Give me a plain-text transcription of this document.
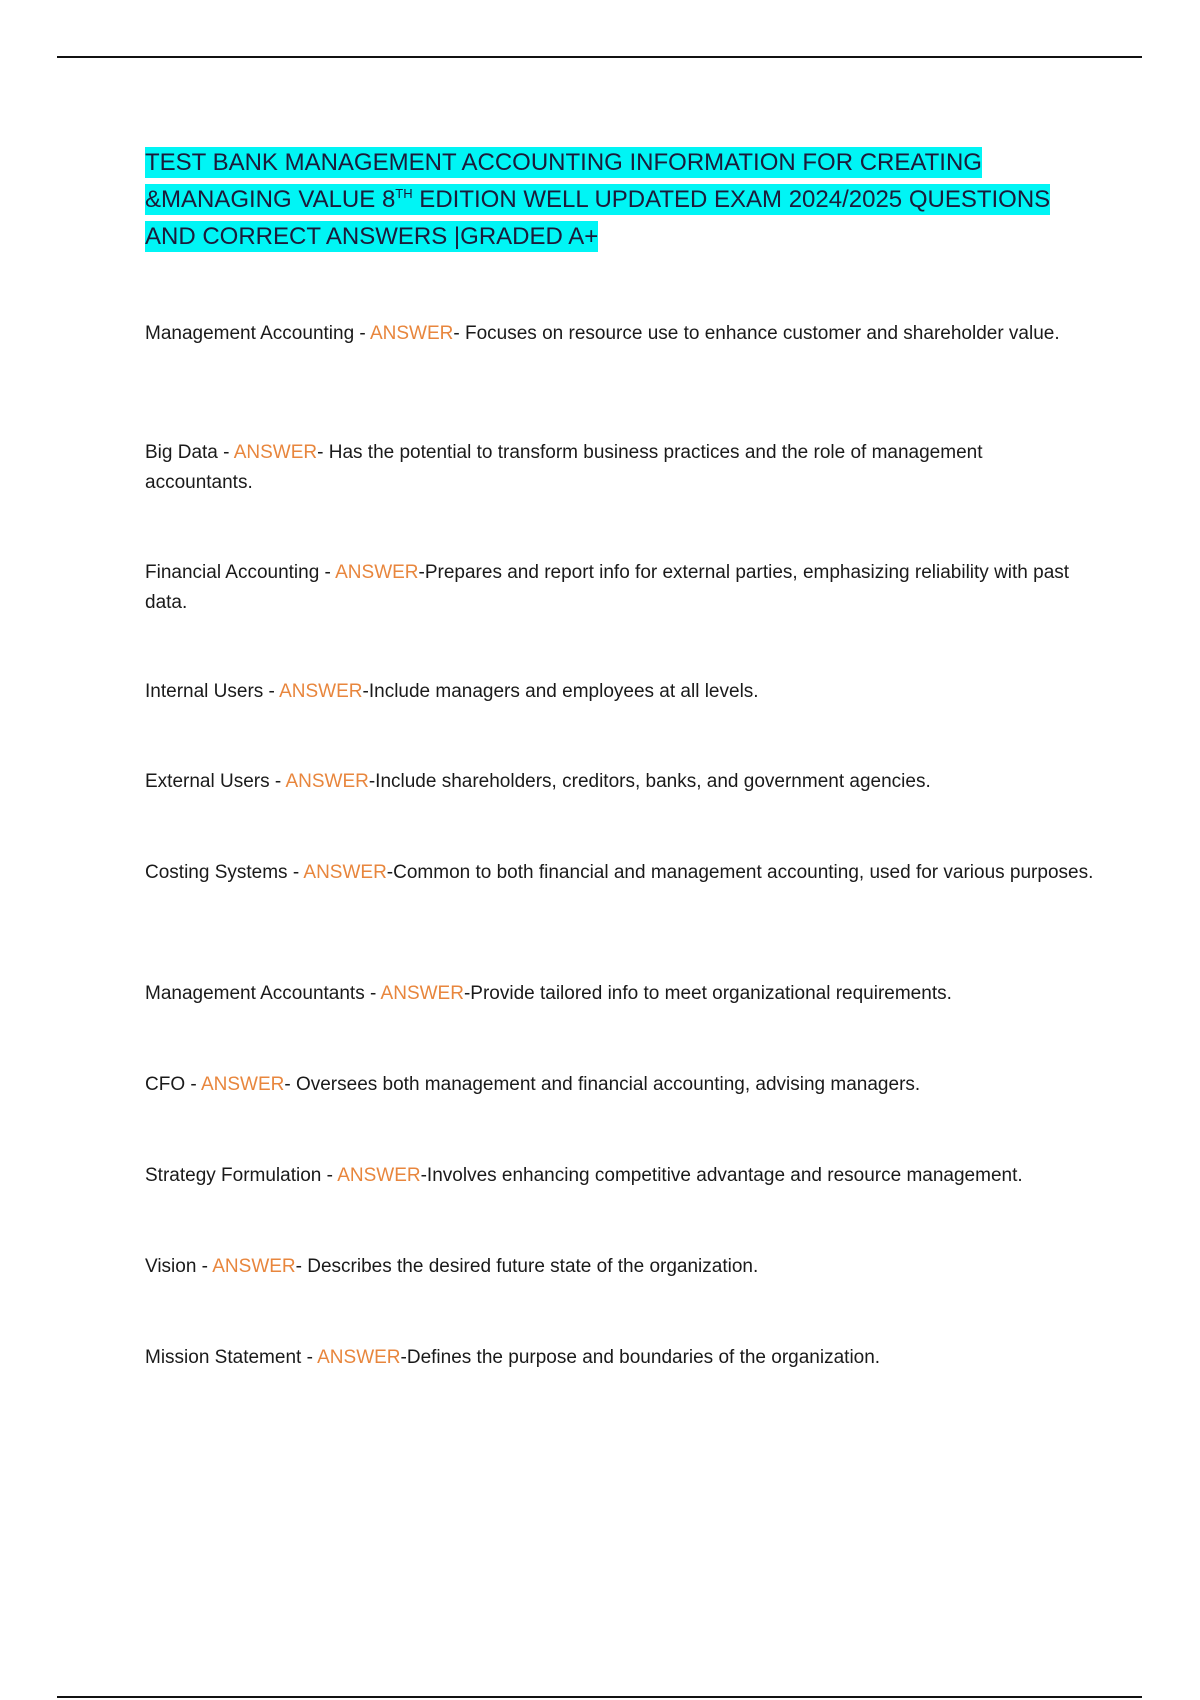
TEST BANK MANAGEMENT ACCOUNTING INFORMATION FOR CREATING &MANAGING VALUE 8TH EDITION WELL UPDATED EXAM 2024/2025 QUESTIONS AND CORRECT ANSWERS |GRADED A+

Management Accounting - ANSWER- Focuses on resource use to enhance customer and shareholder value.

Big Data - ANSWER- Has the potential to transform business practices and the role of management accountants.

Financial Accounting - ANSWER-Prepares and report info for external parties, emphasizing reliability with past data.

Internal Users - ANSWER-Include managers and employees at all levels.

External Users - ANSWER-Include shareholders, creditors, banks, and government agencies.

Costing Systems - ANSWER-Common to both financial and management accounting, used for various purposes.

Management Accountants - ANSWER-Provide tailored info to meet organizational requirements.

CFO - ANSWER- Oversees both management and financial accounting, advising managers.

Strategy Formulation - ANSWER-Involves enhancing competitive advantage and resource management.

Vision - ANSWER- Describes the desired future state of the organization.

Mission Statement - ANSWER-Defines the purpose and boundaries of the organization.
